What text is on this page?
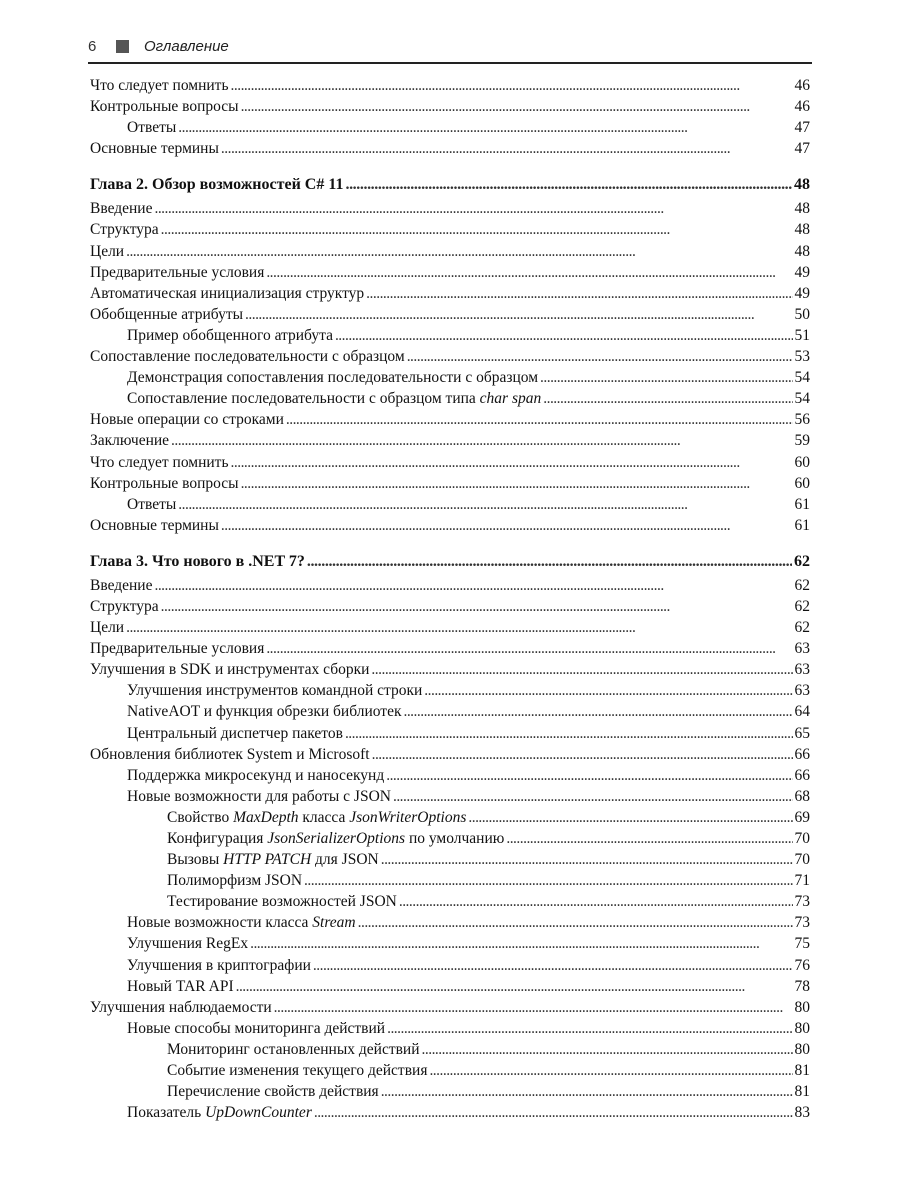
6	Оглавление
Что следует помнить . . .	46
Контрольные вопросы . . .	46
Ответы . . .	47
Основные термины . . .	47
Глава 2. Обзор возможностей C# 11 . . .	48
Введение . . .	48
Структура . . .	48
Цели . . .	48
Предварительные условия . . .	49
Автоматическая инициализация структур . . .	49
Обобщенные атрибуты . . .	50
Пример обобщенного атрибута . . .	51
Сопоставление последовательности с образцом . . .	53
Демонстрация сопоставления последовательности с образцом . . .	54
Сопоставление последовательности с образцом типа char span . . .	54
Новые операции со строками . . .	56
Заключение . . .	59
Что следует помнить . . .	60
Контрольные вопросы . . .	60
Ответы . . .	61
Основные термины . . .	61
Глава 3. Что нового в .NET 7? . . .	62
Введение . . .	62
Структура . . .	62
Цели . . .	62
Предварительные условия . . .	63
Улучшения в SDK и инструментах сборки . . .	63
Улучшения инструментов командной строки . . .	63
NativeAOT и функция обрезки библиотек . . .	64
Центральный диспетчер пакетов . . .	65
Обновления библиотек System и Microsoft . . .	66
Поддержка микросекунд и наносекунд . . .	66
Новые возможности для работы с JSON . . .	68
Свойство MaxDepth класса JsonWriterOptions . . .	69
Конфигурация JsonSerializerOptions по умолчанию . . .	70
Вызовы HTTP PATCH для JSON . . .	70
Полиморфизм JSON . . .	71
Тестирование возможностей JSON . . .	73
Новые возможности класса Stream . . .	73
Улучшения RegEx . . .	75
Улучшения в криптографии . . .	76
Новый TAR API . . .	78
Улучшения наблюдаемости . . .	80
Новые способы мониторинга действий . . .	80
Мониторинг остановленных действий . . .	80
Событие изменения текущего действия . . .	81
Перечисление свойств действия . . .	81
Показатель UpDownCounter . . .	83
